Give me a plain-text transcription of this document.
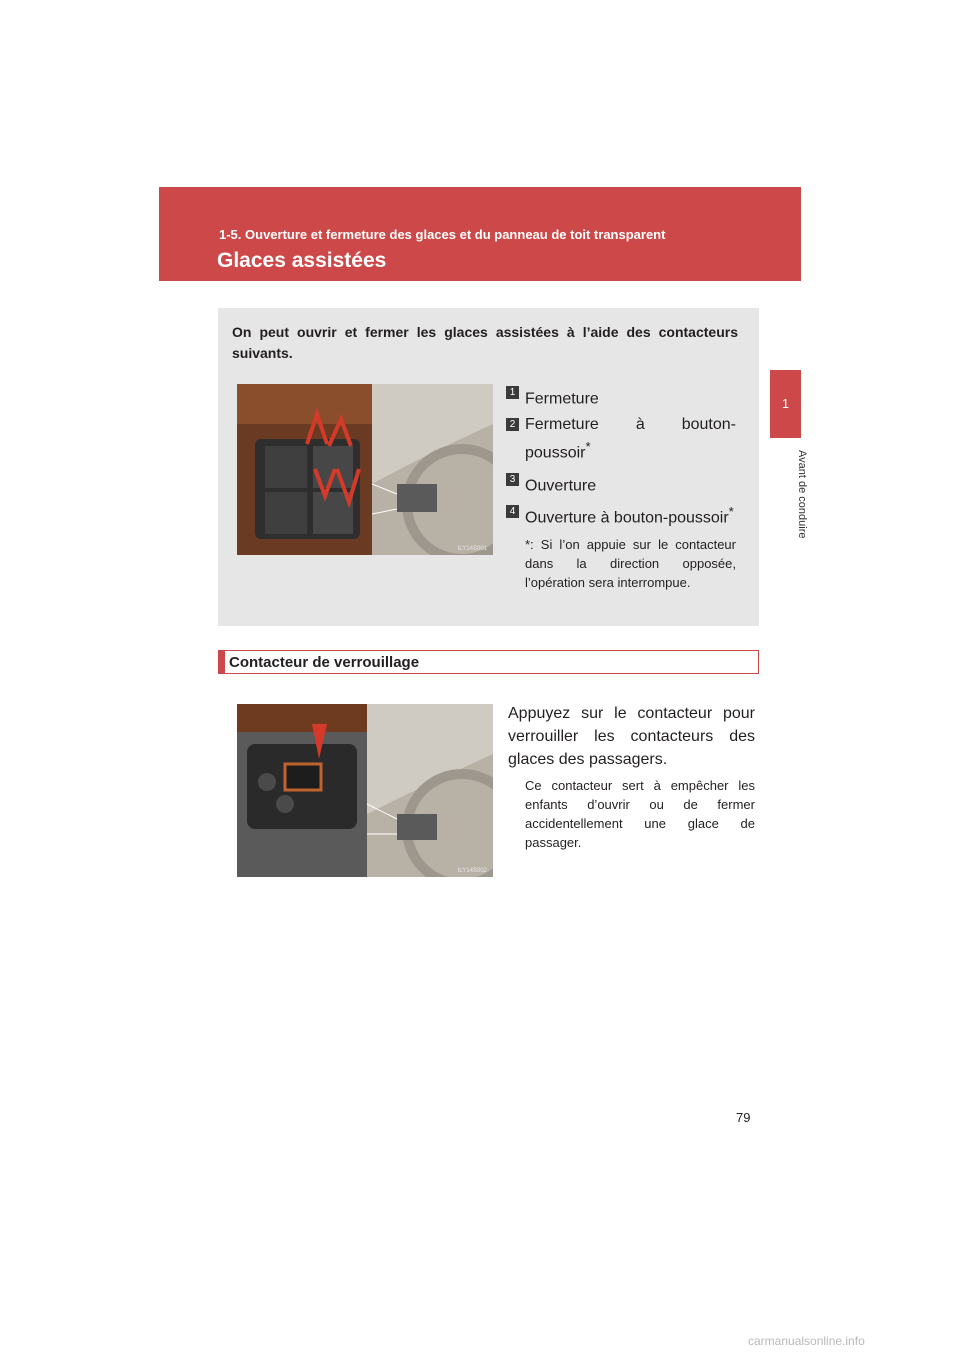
1-5. Ouverture et fermeture des glaces et du panneau de toit transparent
Glaces assistées
1
Avant de conduire
On peut ouvrir et fermer les glaces assistées à l’aide des contacteurs suivants.
ILY14S001
1 Fermeture
2 Fermeture à bouton-poussoir*
3 Ouverture
4 Ouverture à bouton-poussoir*
*: Si l’on appuie sur le contacteur dans la direction opposée, l’opération sera interrompue.
Contacteur de verrouillage
ILY14S002
Appuyez sur le contacteur pour verrouiller les contacteurs des glaces des passagers.
Ce contacteur sert à empêcher les enfants d’ouvrir ou de fermer accidentellement une glace de passager.
79
carmanualsonline.info
